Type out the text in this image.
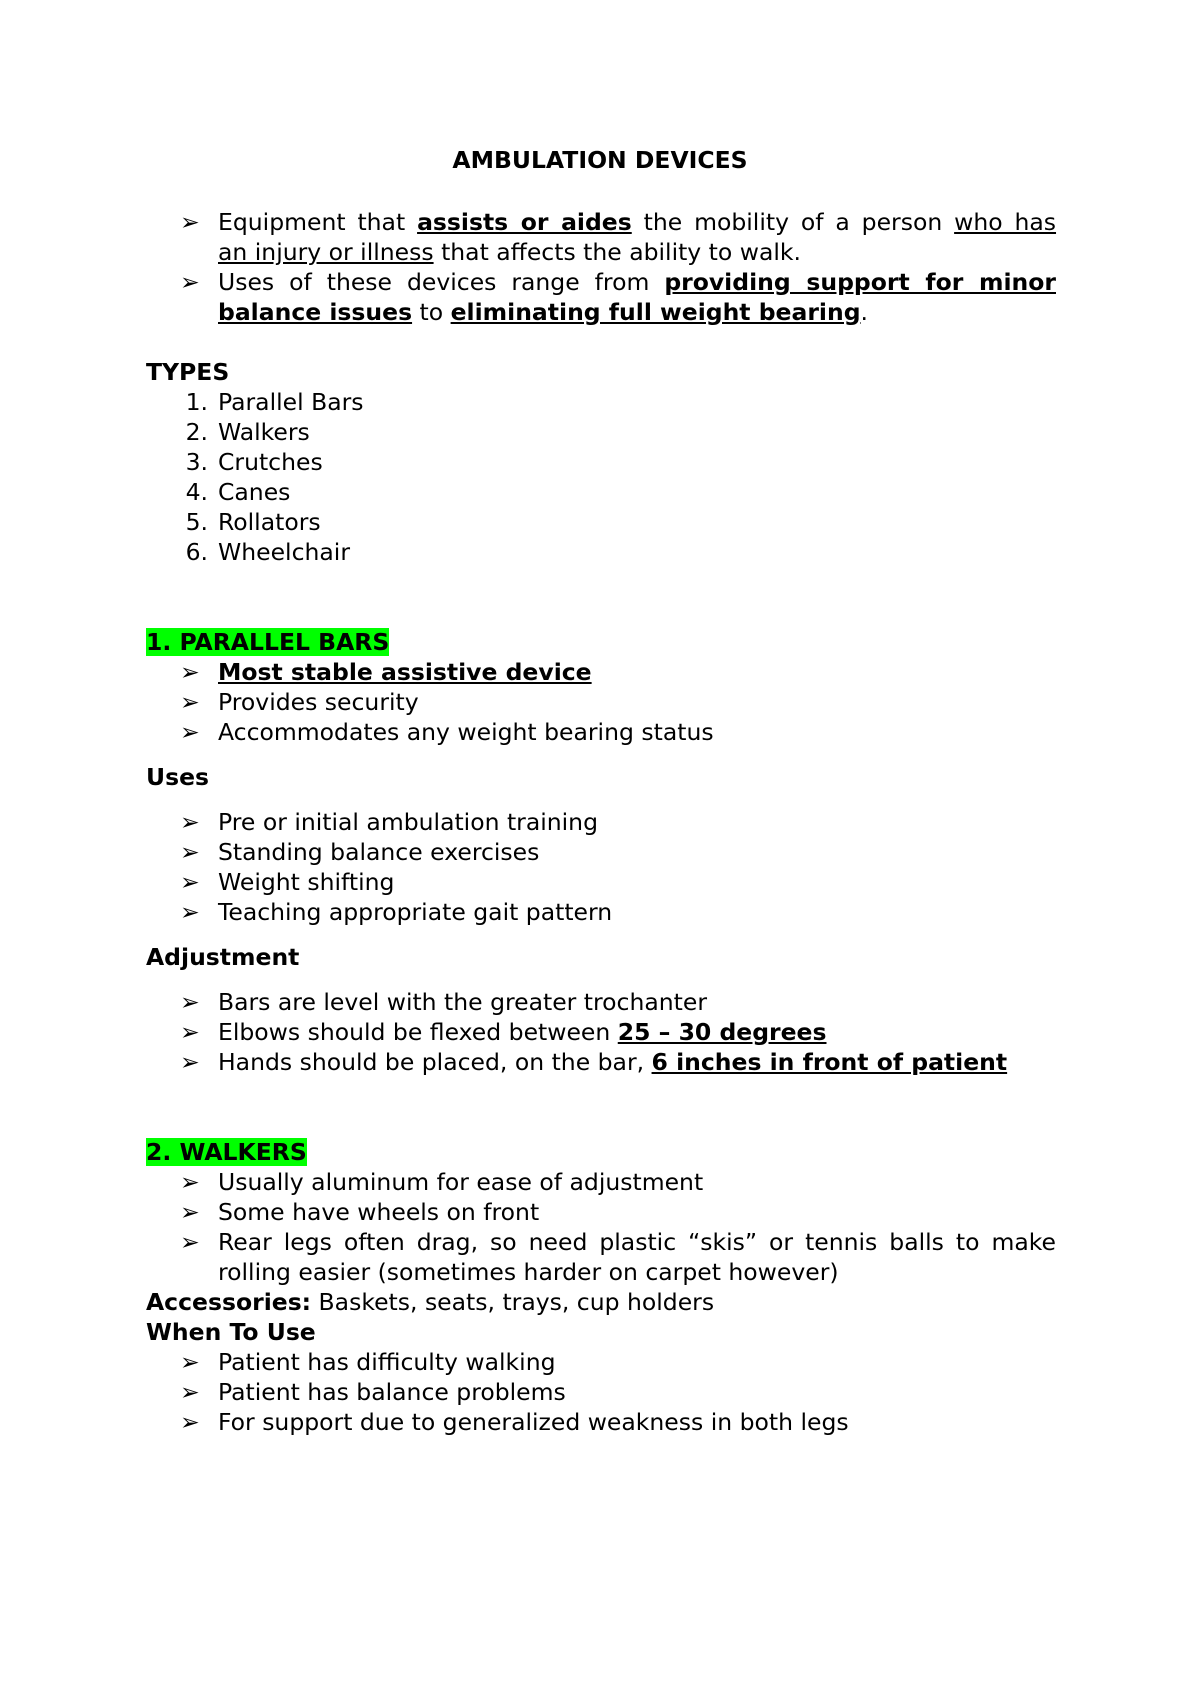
AMBULATION DEVICES
➢ Equipment that assists or aides the mobility of a person who has
an injury or illness that affects the ability to walk.
➢ Uses of these devices range from providing support for minor
balance issues to eliminating full weight bearing.
TYPES
1. Parallel Bars
2. Walkers
3. Crutches
4. Canes
5. Rollators
6. Wheelchair
1. PARALLEL BARS
➢ Most stable assistive device
➢ Provides security
➢ Accommodates any weight bearing status
Uses
➢ Pre or initial ambulation training
➢ Standing balance exercises
➢ Weight shifting
➢ Teaching appropriate gait pattern
Adjustment
➢ Bars are level with the greater trochanter
➢ Elbows should be flexed between 25 – 30 degrees
➢ Hands should be placed, on the bar, 6 inches in front of patient
2. WALKERS
➢ Usually aluminum for ease of adjustment
➢ Some have wheels on front
➢ Rear legs often drag, so need plastic “skis” or tennis balls to make
rolling easier (sometimes harder on carpet however)
Accessories: Baskets, seats, trays, cup holders
When To Use
➢ Patient has difficulty walking
➢ Patient has balance problems
➢ For support due to generalized weakness in both legs
